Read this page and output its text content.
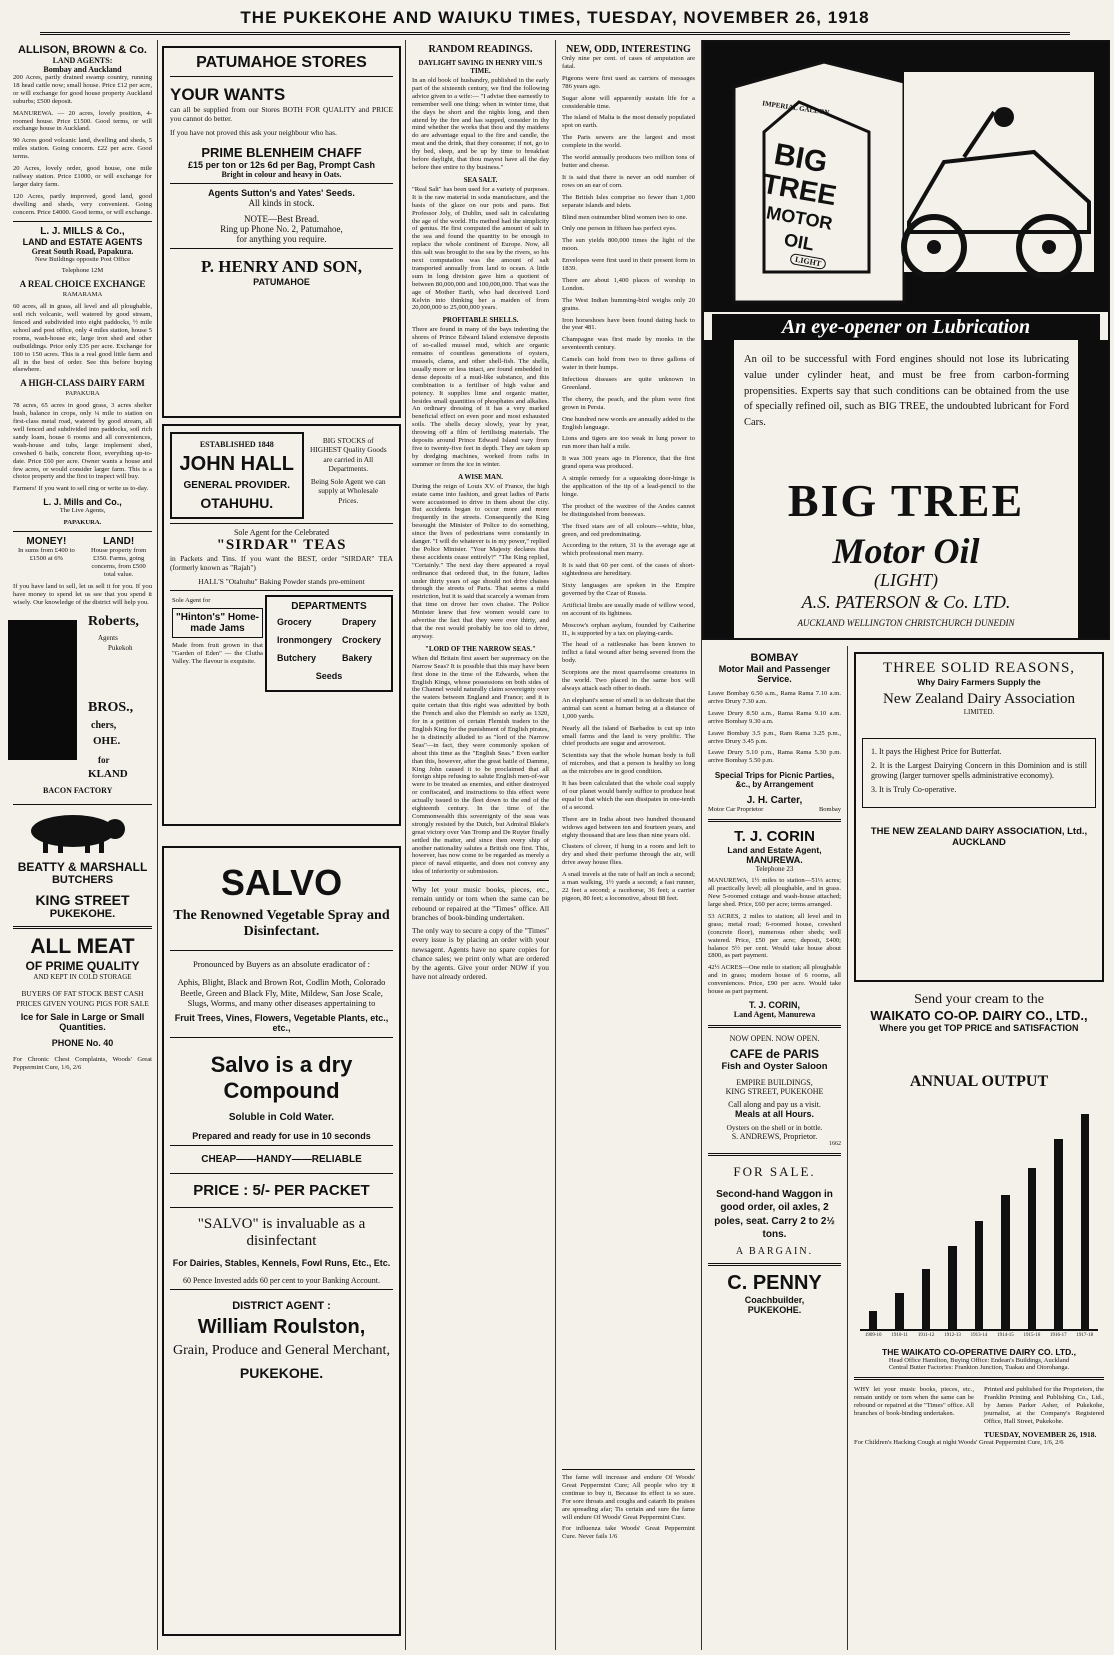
THE PUKEKOHE AND WAIUKU TIMES, TUESDAY, NOVEMBER 26, 1918
ALLISON, BROWN & Co.
LAND AGENTS:
Bombay and Auckland

200 Acres, partly drained swamp country, running 18 head cattle now; small house. Price £12 per acre, or will exchange for good house property Auckland suburbs; £500 deposit.

MANUREWA. — 20 acres, lovely position, 4-roomed house. Price £1500. Good terms, or will exchange house in Auckland.

90 Acres good volcanic land, dwelling and sheds, 5 miles station. Going concern. £22 per acre. Good terms.

20 Acres, lovely order, good house, one mile railway station. Price £1000, or will exchange for larger dairy farm.

120 Acres, partly improved, good land, good dwelling and sheds, very convenient. Going concern. Price £4000. Good terms, or will exchange.

L. J. MILLS & Co.,
LAND and ESTATE AGENTS
Great South Road, Papakura.
New Buildings opposite Post Office
Telephone 12M
A REAL CHOICE EXCHANGE
RAMARAMA

60 acres, all in grass, all level and all ploughable, soil rich volcanic, well watered by good stream, fenced and subdivided into eight paddocks, ½ mile school and post office, only 4 miles station, house 5 rooms, wash-house etc, large iron shed and other outbuildings. Price only £35 per acre. Exchange for 100 to 150 acres. This is a real good little farm and all in the best of order. See this before buying elsewhere.

A HIGH-CLASS DAIRY FARM
PAPAKURA

78 acres, 65 acres in good grass, 3 acres shelter bush, balance in crops, only ¼ mile to station on first-class metal road, watered by good stream, all well fenced and subdivided into paddocks, soil rich sandy loam, house 6 rooms and all conveniences, wash-house and tubs, large implement shed, cowshed 6 bails, concrete floor, everything up-to-date. Price £60 per acre. Owner wants a house and few acres, or would consider larger farm. This is a choice property and the first to inspect will buy.

Farmers! If you want to sell ring or write us to-day.

L. J. Mills and Co.,
The Live Agents,
PAPAKURA.
MONEY!
In sums from £400 to £1500 at 6%
LAND!
House property from £350. Farms, going concerns, from £500 total value.

If you have land to sell, let us sell it for you. If you have money to spend let us see that you spend it wisely. Our knowledge of the district will help you.

Roberts,
Agents
Pukekoh
BROS.,
chers,
OHE.
for
KLAND
BACON FACTORY
BEATTY & MARSHALL
BUTCHERS
KING STREET
PUKEKOHE.
ALL MEAT
OF PRIME QUALITY
AND KEPT IN COLD STORAGE

BUYERS OF FAT STOCK BEST CASH PRICES GIVEN YOUNG PIGS FOR SALE

Ice for Sale in Large or Small Quantities.
PHONE No. 40

For Chronic Chest Complaints, Woods' Great Peppermint Cure, 1/6, 2/6

PATUMAHOE STORES
YOUR WANTS

can all be supplied from our Stores BOTH FOR QUALITY and PRICE you cannot do better.

If you have not proved this ask your neighbour who has.

PRIME BLENHEIM CHAFF
£15 per ton or 12s 6d per Bag, Prompt Cash
Bright in colour and heavy in Oats.
Agents Sutton's and Yates' Seeds.
All kinds in stock.
NOTE—Best Bread.
Ring up Phone No. 2, Patumahoe,
for anything you require.
P. HENRY AND SON,
PATUMAHOE
ESTABLISHED 1848
JOHN HALL
GENERAL PROVIDER.
OTAHUHU.

BIG STOCKS of HIGHEST Quality Goods are carried in All Departments.

Being Sole Agent we can supply at Wholesale Prices.

Sole Agent for the Celebrated
"SIRDAR" TEAS

in Packets and Tins. If you want the BEST, order "SIRDAR" TEA (formerly known as "Rajah")

HALL'S "Otahuhu" Baking Powder stands pre-eminent
Sole Agent for
"Hinton's" Home-made Jams

Made from fruit grown in that "Garden of Eden" — the Clutha Valley. The flavour is exquisite.

DEPARTMENTS
Grocery	Drapery
Ironmongery	Crockery
Butchery	Bakery
Seeds	
SALVO
The Renowned Vegetable Spray and Disinfectant.
Pronounced by Buyers as an absolute eradicator of :

Aphis, Blight, Black and Brown Rot, Codlin Moth, Colorado Beetle, Green and Black Fly, Mite, Mildew, San Jose Scale, Slugs, Worms, and many other diseases appertaining to

Fruit Trees, Vines, Flowers, Vegetable Plants, etc., etc.,
Salvo is a dry Compound
Soluble in Cold Water.
Prepared and ready for use in 10 seconds
CHEAP——HANDY——RELIABLE
PRICE : 5/- PER PACKET
"SALVO" is invaluable as a disinfectant
For Dairies, Stables, Kennels, Fowl Runs, Etc., Etc.
60 Pence Invested adds 60 per cent to your Banking Account.
DISTRICT AGENT :
William Roulston,
Grain, Produce and General Merchant,
PUKEKOHE.
RANDOM READINGS.
DAYLIGHT SAVING IN HENRY VIII.'S TIME.

In an old book of husbandry, published in the early part of the sixteenth century, we find the following advice given to a wife:— "I advise thee earnestly to remember well one thing: when in winter time, that the days be short and the nights long, and then attend by the fire and has supped, consider in thy mind whether the works that thou and thy maidens do are advantage equal to the fire and candle, the meat and the drink, that they consume; if not, go to thy bed, sleep, and be up by time to breakfast before daylight, that thou mayest have all the day before thee entire to thy business."

SEA SALT.

"Real Salt" has been used for a variety of purposes. It is the raw material in soda manufacture, and the basis of the glaze on our pots and pans. But Professor Joly, of Dublin, used salt in calculating the age of the world. His method had the simplicity of genius. He first computed the amount of salt in the sea and found the quantity to be enough to replace the whole continent of Europe. Now, all this salt was brought to the sea by the rivers, so his next computation was the amount of salt transported annually from land to ocean. A little sum in long division gave him a quotient of between 80,000,000 and 100,000,000. That was the age of Mother Earth, who had deceived Lord Kelvin into thinking her a maiden of from 20,000,000 to 25,000,000 years.

PROFITABLE SHELLS.

There are found in many of the bays indenting the shores of Prince Edward Island extensive deposits of so-called mussel mud, which are organic remains of countless generations of oysters, mussels, clams, and other shell-fish. The shells, usually more or less intact, are found embedded in dense deposits of a mud-like substance, and this combination is a fertiliser of high value and potency. It supplies lime and organic matter, besides small quantities of phosphates and alkalies. An ordinary dressing of it has a very marked beneficial effect on even poor and most exhausted soils. The shells decay slowly, year by year, throwing off a film of fertilising materials. The deposits around Prince Edward Island vary from five to twenty-five feet in depth. They are taken up by dredging machines, worked from rafts in summer or from the ice in winter.

A WISE MAN.

During the reign of Louis XV. of France, the high estate came into fashion, and great ladies of Paris were accustomed to drive in them about the city. But accidents began to occur more and more frequently in the streets. Consequently the King besought the Minister of Police to do something, since the lives of pedestrians were constantly in danger. "I will do whatever is in my power," replied the Police Minister. "Your Majesty declares that these accidents cease entirely?" "The King replied, "Certainly." The next day there appeared a royal ordinance that ordered that, in the future, ladies under thirty years of age should not drive chaises through the streets of Paris. That seems a mild restriction, but it is said that scarcely a woman from that time on drove her own chaise. The Police Minister knew that few women would care to advertise the fact that they were over thirty, and that the rest would probably be too old to drive, anyway.

"LORD OF THE NARROW SEAS."

When did Britain first assert her supremacy on the Narrow Seas? It is possible that this may have been first done in the time of the Edwards, when the English Kings, whose possessions on both sides of the Channel would naturally claim sovereignty over the waters between England and France; and it is quite certain that this right was admitted by both the French and also the Flemish so early as 1320, for in a petition of certain Flemish traders to the English King for the punishment of English pirates, he is distinctly alluded to as "lord of the Narrow Seas"—in fact, they were commonly spoken of about this time as the "English Seas." Even earlier than this, however, after the great battle of Damme, King John caused it to be proclaimed that all foreign ships refusing to salute English men-of-war were to be treated as enemies, and either destroyed or confiscated, and instructions to this effect were actually issued to the fleet down to the end of the eighteenth century. In the time of the Commonwealth this sovereignty of the seas was strongly resisted by the Dutch, but Admiral Blake's great victory over Van Tromp and De Ruyter finally settled the matter, and since then every ship of another nationality salutes a British one first. This, however, has now come to be regarded as merely a piece of naval etiquette, and does not convey any idea of inferiority or submission.

Why let your music books, pieces, etc., remain untidy or torn when the same can be rebound or repaired at the "Times" office. All branches of book-binding undertaken.

The only way to secure a copy of the "Times" every issue is by placing an order with your newsagent. Agents have no spare copies for chance sales; we print only what are ordered by the agents. Give your order NOW if you have not already ordered.

NEW, ODD, INTERESTING

Only nine per cent. of cases of amputation are fatal.

Pigeons were first used as carriers of messages 786 years ago.

Sugar alone will apparently sustain life for a considerable time.

The island of Malta is the most densely populated spot on earth.

The Paris sewers are the largest and most complete in the world.

The world annually produces two million tons of butter and cheese.

It is said that there is never an odd number of rows on an ear of corn.

The British Isles comprise no fewer than 1,000 separate islands and islets.

Blind men outnumber blind women two to one.

Only one person in fifteen has perfect eyes.

The sun yields 800,000 times the light of the moon.

Envelopes were first used in their present form in 1839.

There are about 1,400 places of worship in London.

The West Indian humming-bird weighs only 20 grains.

Iron horseshoes have been found dating back to the year 481.

Champagne was first made by monks in the seventeenth century.

Camels can hold from two to three gallons of water in their humps.

Infectious diseases are quite unknown in Greenland.

The cherry, the peach, and the plum were first grown in Persia.

One hundred new words are annually added to the English language.

Lions and tigers are too weak in lung power to run more than half a mile.

It was 300 years ago in Florence, that the first grand opera was produced.

A simple remedy for a squeaking door-hinge is the application of the tip of a lead-pencil to the hinge.

The product of the waxtree of the Andes cannot be distinguished from beeswax.

The fixed stars are of all colours—white, blue, green, and red predominating.

According to the return, 31 is the average age at which professional men marry.

It is said that 60 per cent. of the cases of short-sightedness are hereditary.

Sixty languages are spoken in the Empire governed by the Czar of Russia.

Artificial limbs are usually made of willow wood, on account of its lightness.

Moscow's orphan asylum, founded by Catherine II., is supported by a tax on playing-cards.

The head of a rattlesnake has been known to inflict a fatal wound after being severed from the body.

Scorpions are the most quarrelsome creatures in the world. Two placed in the same box will always attack each other to death.

An elephant's sense of smell is so delicate that the animal can scent a human being at a distance of 1,000 yards.

Nearly all the island of Barbados is cut up into small farms and the land is very prolific. The chief products are sugar and arrowroot.

Scientists say that the whole human body is full of microbes, and that a person is healthy so long as the microbes are in good condition.

It has been calculated that the whole coal supply of our planet would barely suffice to produce heat equal to that which the sun dissipates in one-tenth of a second.

There are in India about two hundred thousand widows aged between ten and fourteen years, and eighty thousand that are less than nine years old.

Clusters of clover, if hung in a room and left to dry and shed their perfume through the air, will drive away house flies.

A snail travels at the rate of half an inch a second; a man walking, 1½ yards a second; a fast runner, 22 feet a second; a racehorse, 36 feet; a carrier pigeon, 80 feet; a locomotive, about 88 feet.

The fame will increase and endure Of Woods' Great Peppermint Cure; All people who try it continue to buy it, Because its effect is so sure. For sore throats and coughs and catarrh Its praises are spreading afar; Tis certain and sure the fame will endure Of Woods' Great Peppermint Cure.

For influenza take Woods' Great Peppermint Cure. Never fails 1/6

IMPERIAL GALLON
BIG
TREE
MOTOR
OIL
LIGHT
An eye-opener on Lubrication

An oil to be successful with Ford engines should not lose its lubricating value under cylinder heat, and must be free from carbon-forming propensities. Experts say that such conditions can be obtained from the use of specially refined oil, such as BIG TREE, the undoubted lubricant for Ford Cars.

BIG TREE
Motor Oil
(LIGHT)
A.S. PATERSON & Co. LTD.
AUCKLAND WELLINGTON CHRISTCHURCH DUNEDIN
BOMBAY
Motor Mail and Passenger Service.

Leave Bombay 6.50 a.m., Rama Rama 7.10 a.m. arrive Drury 7.30 a.m.

Leave Drury 8.50 a.m., Rama Rama 9.10 a.m. arrive Bombay 9.30 a.m.

Leave Bombay 3.5 p.m., Ram Rama 3.25 p.m., arrive Drury 3.45 p.m.

Leave Drury 5.10 p.m., Rama Rama 5.30 p.m. arrive Bombay 5.50 p.m.

Special Trips for Picnic Parties, &c., by Arrangement
J. H. Carter,
Motor Car Proprietor	Bombay
T. J. CORIN
Land and Estate Agent,
MANUREWA.
Telephone 23

MANUREWA, 1½ miles to station—51⅓ acres; all practically level; all ploughable, and in grass. New 5-roomed cottage and wash-house attached; large shed. Price, £60 per acre; terms arranged.

53 ACRES, 2 miles to station; all level and in grass; metal road; 6-roomed house, cowshed (concrete floor), numerous other sheds; well watered. Price, £50 per acre; deposit, £400; balance 5½ per cent. Would take house about £800, as part payment.

42½ ACRES—One mile to station; all ploughable and in grass; modern house of 6 rooms, all conveniences. Price, £90 per acre. Would take house as part payment.

T. J. CORIN,
Land Agent, Manurewa
NOW OPEN. NOW OPEN.
CAFE de PARIS
Fish and Oyster Saloon
EMPIRE BUILDINGS,
KING STREET, PUKEKOHE
Call along and pay us a visit.
Meals at all Hours.
Oysters on the shell or in bottle.
S. ANDREWS, Proprietor.
1662
FOR SALE.

Second-hand Waggon in good order, oil axles, 2 poles, seat. Carry 2 to 2½ tons.

A BARGAIN.
C. PENNY
Coachbuilder,
PUKEKOHE.
THREE SOLID REASONS,
Why Dairy Farmers Supply the
New Zealand Dairy Association
LIMITED.

1. It pays the Highest Price for Butterfat.

2. It is the Largest Dairying Concern in this Dominion and is still growing (larger turnover spells administrative economy).

3. It is Truly Co-operative.

THE NEW ZEALAND DAIRY ASSOCIATION, Ltd., AUCKLAND
Send your cream to the
WAIKATO CO-OP. DAIRY CO., LTD.,
Where you get TOP PRICE and SATISFACTION
ANNUAL OUTPUT
1909-10	1910-11	1911-12	1912-13	1913-14	1914-15	1915-16	1916-17	1917-18
THE WAIKATO CO-OPERATIVE DAIRY CO. LTD.,
Head Office Hamilton, Buying Office: Endean's Buildings, Auckland
Central Butter Factories: Frankton Junction, Tuakau and Otorohanga.

WHY let your music books, pieces, etc., remain untidy or torn when the same can be rebound or repaired at the "Times" office. All branches of book-binding undertaken.

Printed and published for the Proprietors, the Franklin Printing and Publishing Co., Ltd., by James Parker Asher, of Pukekohe, journalist, at the Company's Registered Office, Hall Street, Pukekohe.

TUESDAY, NOVEMBER 26, 1918.

For Children's Hacking Cough at night Woods' Great Peppermint Cure, 1/6, 2/6
